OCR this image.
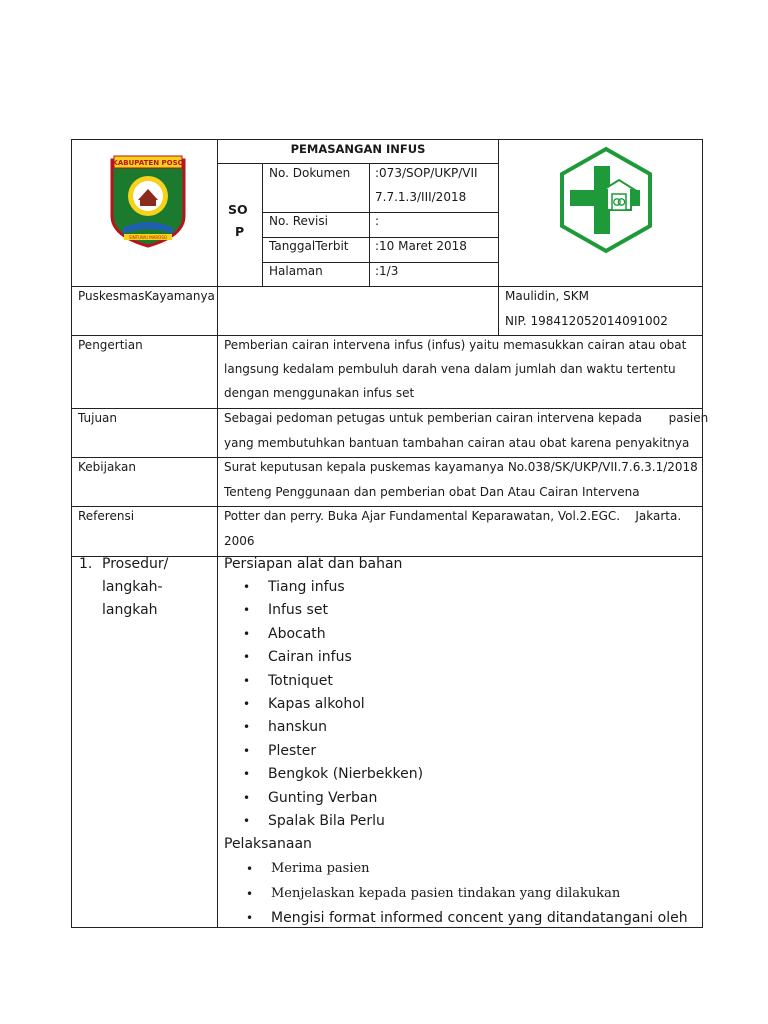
PEMASANGAN INFUS
SO
P
No. Dokumen :073/SOP/UKP/VII
7.7.1.3/III/2018
No. Revisi	:
TanggalTerbit :10 Maret 2018
Halaman	:1/3
KABUPATEN POSO
SINTUWU MAROSO
PuskesmasKayamanya	Maulidin, SKM
NIP. 198412052014091002
Pengertian	Pemberian cairan intervena infus (infus) yaitu memasukkan cairan atau obat
langsung kedalam pembuluh darah vena dalam jumlah dan waktu tertentu
dengan menggunakan infus set
Tujuan	Sebagai pedoman petugas untuk pemberian cairan intervena kepada       pasien
yang membutuhkan bantuan tambahan cairan atau obat karena penyakitnya
Kebijakan	Surat keputusan kepala puskemas kayamanya No.038/SK/UKP/VII.7.6.3.1/2018
Tenteng Penggunaan dan pemberian obat Dan Atau Cairan Intervena
Referensi	Potter dan perry. Buka Ajar Fundamental Keparawatan, Vol.2.EGC.    Jakarta.
2006
1. Prosedur/
langkah-
langkah
Persiapan alat dan bahan
• Tiang infus
• Infus set
• Abocath
• Cairan infus
• Totniquet
• Kapas alkohol
• hanskun
• Plester
• Bengkok (Nierbekken)
• Gunting Verban
• Spalak Bila Perlu
Pelaksanaan
• Merima pasien
• Menjelaskan kepada pasien tindakan yang dilakukan
• Mengisi format informed concent yang ditandatangani oleh
